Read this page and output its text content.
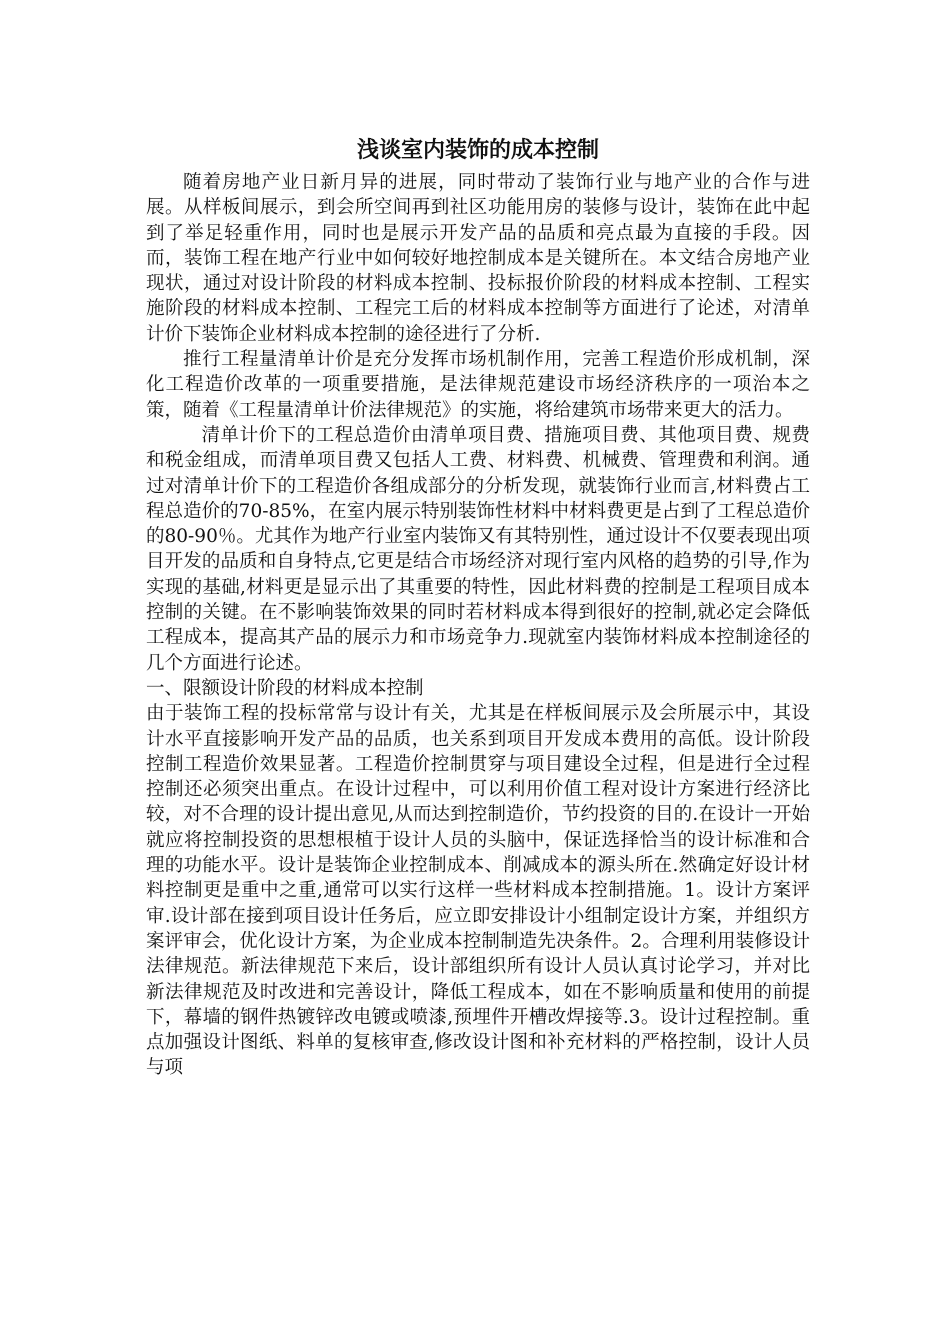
浅谈室内装饰的成本控制

随着房地产业日新月异的进展，同时带动了装饰行业与地产业的合作与进展。从样板间展示，到会所空间再到社区功能用房的装修与设计，装饰在此中起到了举足轻重作用，同时也是展示开发产品的品质和亮点最为直接的手段。因而，装饰工程在地产行业中如何较好地控制成本是关键所在。本文结合房地产业现状，通过对设计阶段的材料成本控制、投标报价阶段的材料成本控制、工程实施阶段的材料成本控制、工程完工后的材料成本控制等方面进行了论述，对清单计价下装饰企业材料成本控制的途径进行了分析.

推行工程量清单计价是充分发挥市场机制作用，完善工程造价形成机制，深化工程造价改革的一项重要措施，是法律规范建设市场经济秩序的一项治本之策，随着《工程量清单计价法律规范》的实施，将给建筑市场带来更大的活力。

清单计价下的工程总造价由清单项目费、措施项目费、其他项目费、规费和税金组成，而清单项目费又包括人工费、材料费、机械费、管理费和利润。通过对清单计价下的工程造价各组成部分的分析发现，就装饰行业而言,材料费占工程总造价的70-85%，在室内展示特别装饰性材料中材料费更是占到了工程总造价的80-90％。尤其作为地产行业室内装饰又有其特别性，通过设计不仅要表现出项目开发的品质和自身特点,它更是结合市场经济对现行室内风格的趋势的引导,作为实现的基础,材料更是显示出了其重要的特性，因此材料费的控制是工程项目成本控制的关键。在不影响装饰效果的同时若材料成本得到很好的控制,就必定会降低工程成本，提高其产品的展示力和市场竞争力.现就室内装饰材料成本控制途径的几个方面进行论述。

一、限额设计阶段的材料成本控制

由于装饰工程的投标常常与设计有关，尤其是在样板间展示及会所展示中，其设计水平直接影响开发产品的品质，也关系到项目开发成本费用的高低。设计阶段控制工程造价效果显著。工程造价控制贯穿与项目建设全过程，但是进行全过程控制还必须突出重点。在设计过程中，可以利用价值工程对设计方案进行经济比较，对不合理的设计提出意见,从而达到控制造价，节约投资的目的.在设计一开始就应将控制投资的思想根植于设计人员的头脑中，保证选择恰当的设计标准和合理的功能水平。设计是装饰企业控制成本、削减成本的源头所在.然确定好设计材料控制更是重中之重,通常可以实行这样一些材料成本控制措施。1。设计方案评审.设计部在接到项目设计任务后，应立即安排设计小组制定设计方案，并组织方案评审会，优化设计方案，为企业成本控制制造先决条件。2。合理利用装修设计法律规范。新法律规范下来后，设计部组织所有设计人员认真讨论学习，并对比新法律规范及时改进和完善设计，降低工程成本，如在不影响质量和使用的前提下，幕墙的钢件热镀锌改电镀或喷漆,预埋件开槽改焊接等.3。设计过程控制。重点加强设计图纸、料单的复核审查,修改设计图和补充材料的严格控制，设计人员与项
